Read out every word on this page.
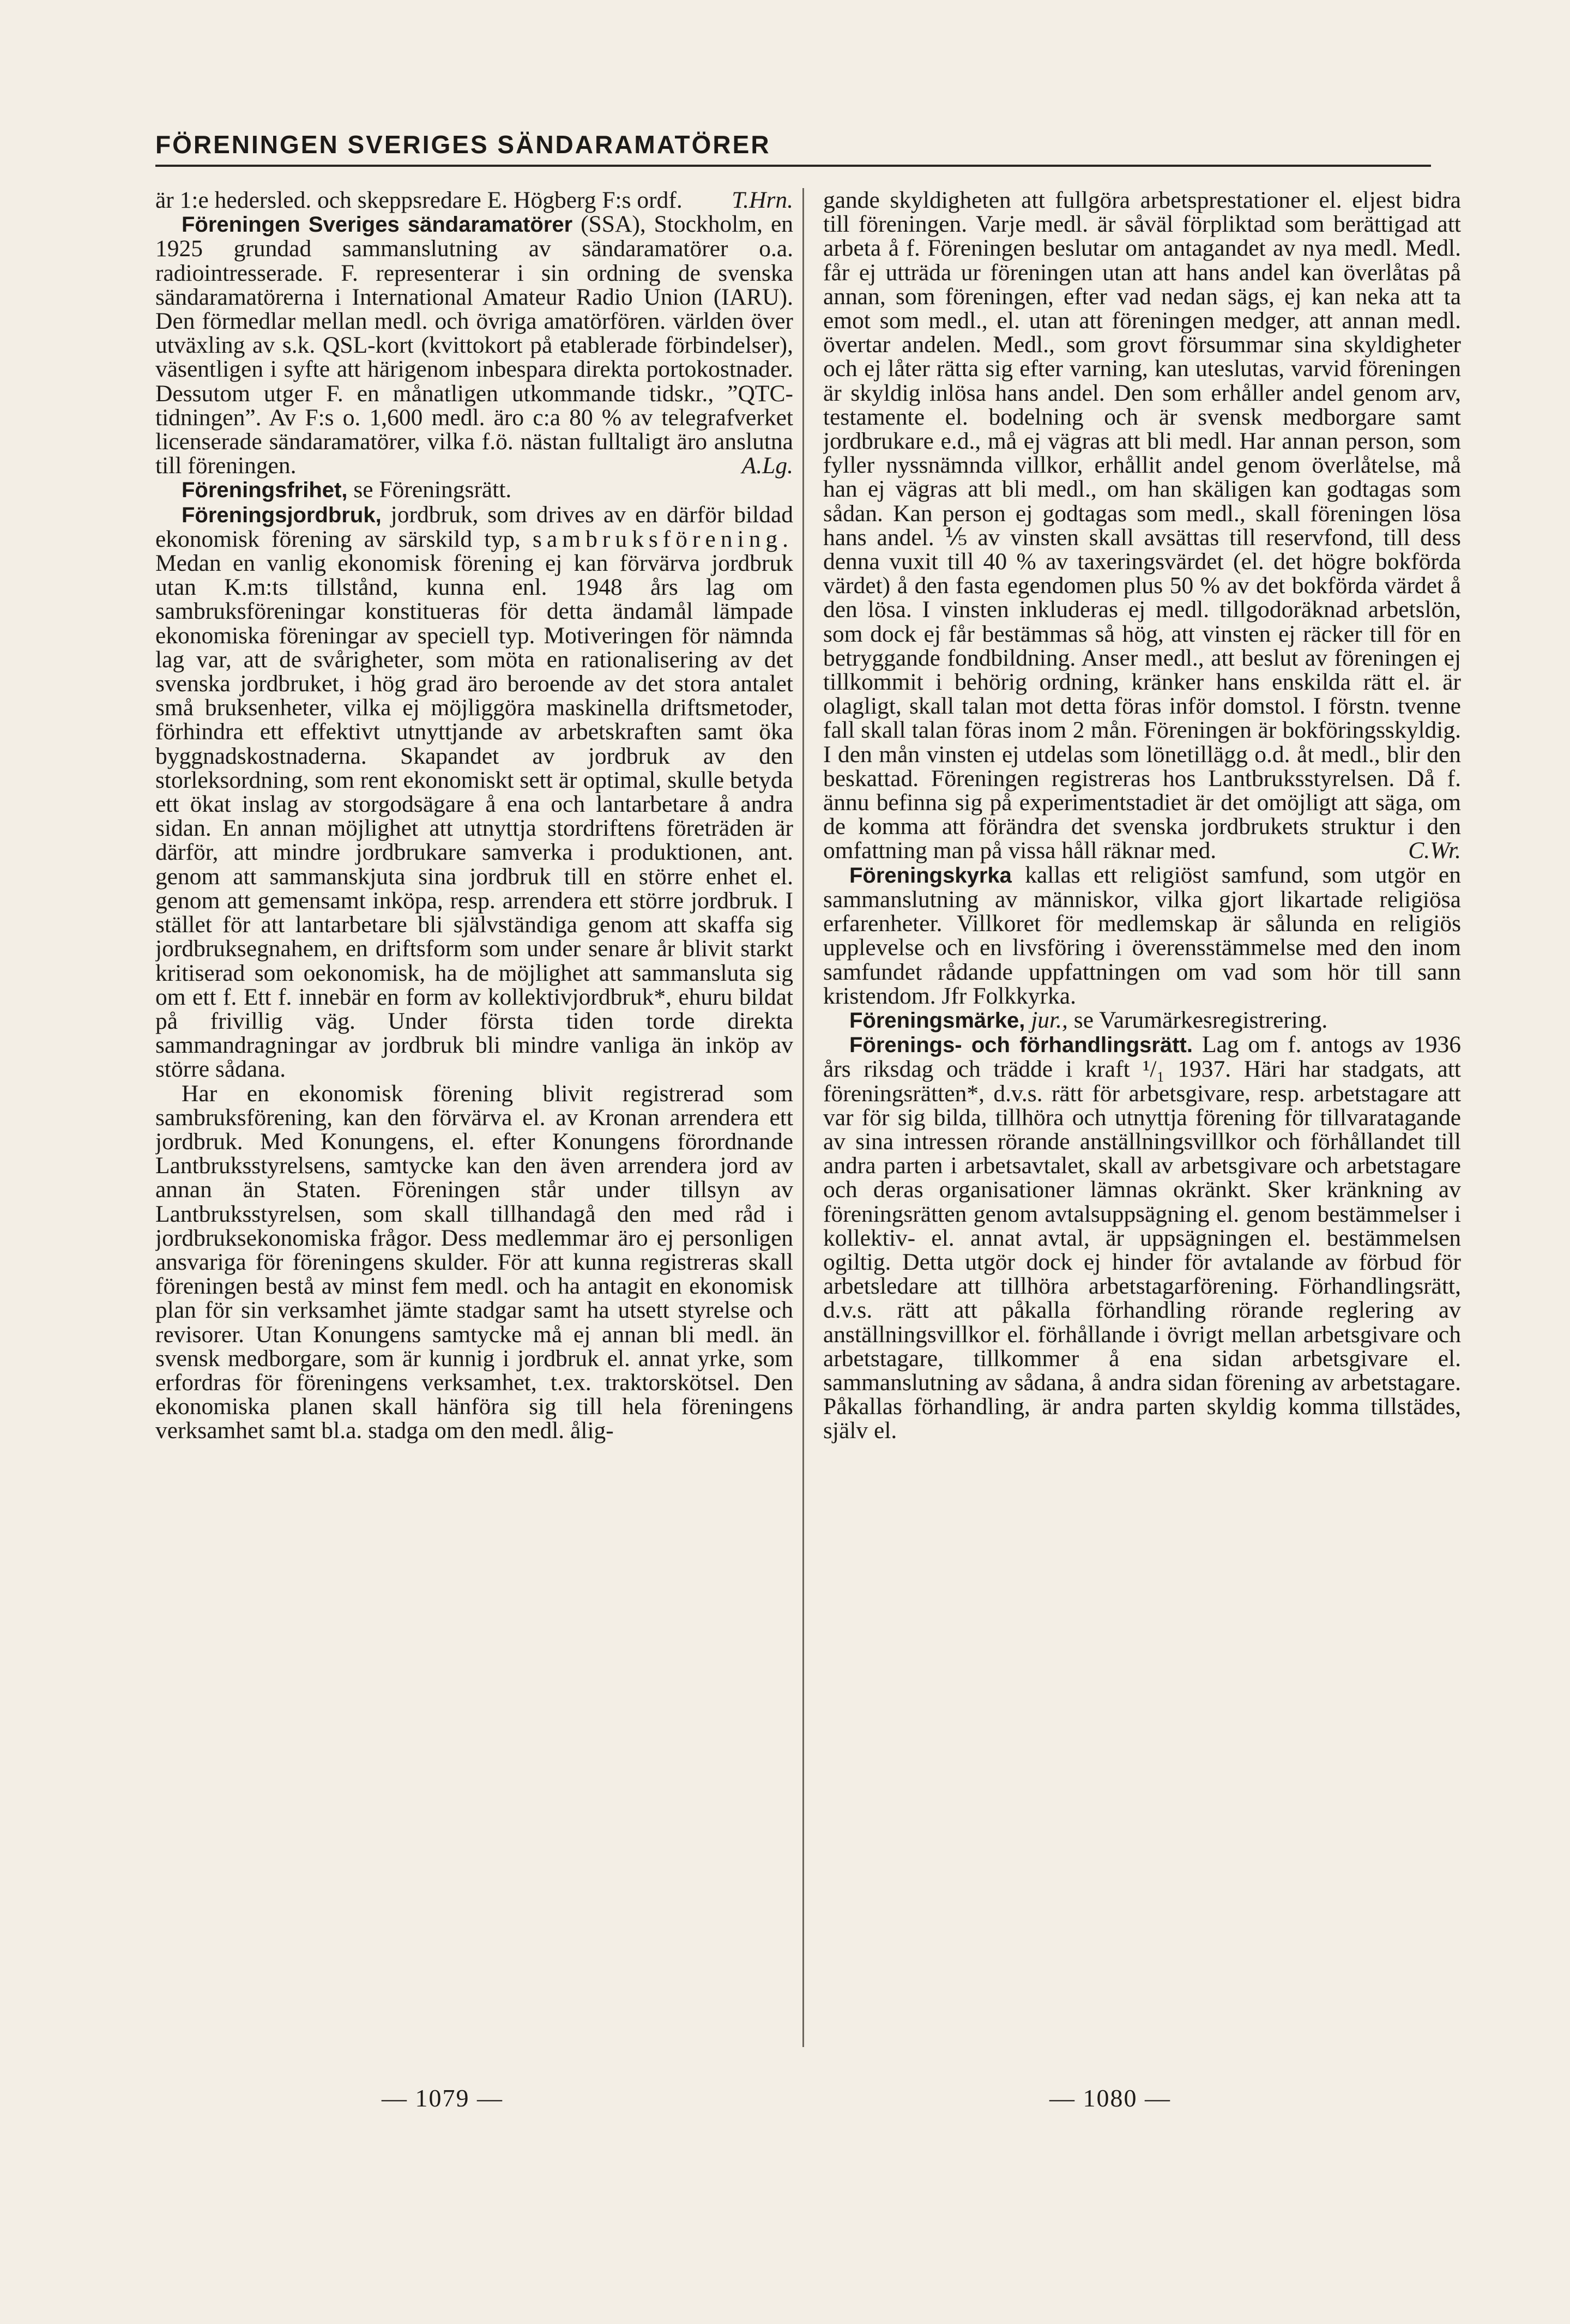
FÖRENINGEN SVERIGES SÄNDARAMATÖRER

är 1:e hedersled. och skeppsredare E. Högberg F:s ordf. T.Hrn.

Föreningen Sveriges sändaramatörer (SSA), Stockholm, en 1925 grundad sammanslutning av sändaramatörer o.a. radiointresserade. F. representerar i sin ordning de svenska sändaramatörerna i International Amateur Radio Union (IARU). Den förmedlar mellan medl. och övriga amatörfören. världen över utväxling av s.k. QSL-kort (kvittokort på etablerade förbindelser), väsentligen i syfte att härigenom inbespara direkta portokostnader. Dessutom utger F. en månatligen utkommande tidskr., ”QTC-tidningen”. Av F:s o. 1,600 medl. äro c:a 80 % av telegrafverket licenserade sändaramatörer, vilka f.ö. nästan fulltaligt äro anslutna till föreningen.	A.Lg.

Föreningsfrihet, se Föreningsrätt.

Föreningsjordbruk, jordbruk, som drives av en därför bildad ekonomisk förening av särskild typ, sambruksförening. Medan en vanlig ekonomisk förening ej kan förvärva jordbruk utan K.m:ts tillstånd, kunna enl. 1948 års lag om sambruksföreningar konstitueras för detta ändamål lämpade ekonomiska föreningar av speciell typ. Motiveringen för nämnda lag var, att de svårigheter, som möta en rationalisering av det svenska jordbruket, i hög grad äro beroende av det stora antalet små bruksenheter, vilka ej möjliggöra maskinella driftsmetoder, förhindra ett effektivt utnyttjande av arbetskraften samt öka byggnadskostnaderna. Skapandet av jordbruk av den storleksordning, som rent ekonomiskt sett är optimal, skulle betyda ett ökat inslag av storgodsägare å ena och lantarbetare å andra sidan. En annan möjlighet att utnyttja stordriftens företräden är därför, att mindre jordbrukare samverka i produktionen, ant. genom att sammanskjuta sina jordbruk till en större enhet el. genom att gemensamt inköpa, resp. arrendera ett större jordbruk. I stället för att lantarbetare bli självständiga genom att skaffa sig jordbruksegnahem, en driftsform som under senare år blivit starkt kritiserad som oekonomisk, ha de möjlighet att sammansluta sig om ett f. Ett f. innebär en form av kollektivjordbruk*, ehuru bildat på frivillig väg. Under första tiden torde direkta sammandragningar av jordbruk bli mindre vanliga än inköp av större sådana.

Har en ekonomisk förening blivit registrerad som sambruksförening, kan den förvärva el. av Kronan arrendera ett jordbruk. Med Konungens, el. efter Konungens förordnande Lantbruksstyrelsens, samtycke kan den även arrendera jord av annan än Staten. Föreningen står under tillsyn av Lantbruksstyrelsen, som skall tillhandagå den med råd i jordbruksekonomiska frågor. Dess medlemmar äro ej personligen ansvariga för föreningens skulder. För att kunna registreras skall föreningen bestå av minst fem medl. och ha antagit en ekonomisk plan för sin verksamhet jämte stadgar samt ha utsett styrelse och revisorer. Utan Konungens samtycke må ej annan bli medl. än svensk medborgare, som är kunnig i jordbruk el. annat yrke, som erfordras för föreningens verksamhet, t.ex. traktorskötsel. Den ekonomiska planen skall hänföra sig till hela föreningens verksamhet samt bl.a. stadga om den medl. ålig-

gande skyldigheten att fullgöra arbetsprestationer el. eljest bidra till föreningen. Varje medl. är såväl förpliktad som berättigad att arbeta å f. Föreningen beslutar om antagandet av nya medl. Medl. får ej utträda ur föreningen utan att hans andel kan överlåtas på annan, som föreningen, efter vad nedan sägs, ej kan neka att ta emot som medl., el. utan att föreningen medger, att annan medl. övertar andelen. Medl., som grovt försummar sina skyldigheter och ej låter rätta sig efter varning, kan uteslutas, varvid föreningen är skyldig inlösa hans andel. Den som erhåller andel genom arv, testamente el. bodelning och är svensk medborgare samt jordbrukare e.d., må ej vägras att bli medl. Har annan person, som fyller nyssnämnda villkor, erhållit andel genom överlåtelse, må han ej vägras att bli medl., om han skäligen kan godtagas som sådan. Kan person ej godtagas som medl., skall föreningen lösa hans andel. ⅕ av vinsten skall avsättas till reservfond, till dess denna vuxit till 40 % av taxeringsvärdet (el. det högre bokförda värdet) å den fasta egendomen plus 50 % av det bokförda värdet å den lösa. I vinsten inkluderas ej medl. tillgodoräknad arbetslön, som dock ej får bestämmas så hög, att vinsten ej räcker till för en betryggande fondbildning. Anser medl., att beslut av föreningen ej tillkommit i behörig ordning, kränker hans enskilda rätt el. är olagligt, skall talan mot detta föras inför domstol. I förstn. tvenne fall skall talan föras inom 2 mån. Föreningen är bokföringsskyldig. I den mån vinsten ej utdelas som lönetillägg o.d. åt medl., blir den beskattad. Föreningen registreras hos Lantbruksstyrelsen. Då f. ännu befinna sig på experimentstadiet är det omöjligt att säga, om de komma att förändra det svenska jordbrukets struktur i den omfattning man på vissa håll räknar med.	C.Wr.

Föreningskyrka kallas ett religiöst samfund, som utgör en sammanslutning av människor, vilka gjort likartade religiösa erfarenheter. Villkoret för medlemskap är sålunda en religiös upplevelse och en livsföring i överensstämmelse med den inom samfundet rådande uppfattningen om vad som hör till sann kristendom. Jfr Folkkyrka.

Föreningsmärke, jur., se Varumärkesregistrering.

Förenings- och förhandlingsrätt. Lag om f. antogs av 1936 års riksdag och trädde i kraft ¹/₁ 1937. Häri har stadgats, att föreningsrätten*, d.v.s. rätt för arbetsgivare, resp. arbetstagare att var för sig bilda, tillhöra och utnyttja förening för tillvaratagande av sina intressen rörande anställningsvillkor och förhållandet till andra parten i arbetsavtalet, skall av arbetsgivare och arbetstagare och deras organisationer lämnas okränkt. Sker kränkning av föreningsrätten genom avtalsuppsägning el. genom bestämmelser i kollektiv- el. annat avtal, är uppsägningen el. bestämmelsen ogiltig. Detta utgör dock ej hinder för avtalande av förbud för arbetsledare att tillhöra arbetstagarförening. Förhandlingsrätt, d.v.s. rätt att påkalla förhandling rörande reglering av anställningsvillkor el. förhållande i övrigt mellan arbetsgivare och arbetstagare, tillkommer å ena sidan arbetsgivare el. sammanslutning av sådana, å andra sidan förening av arbetstagare. Påkallas förhandling, är andra parten skyldig komma tillstädes, själv el.

— 1079 —	— 1080 —
